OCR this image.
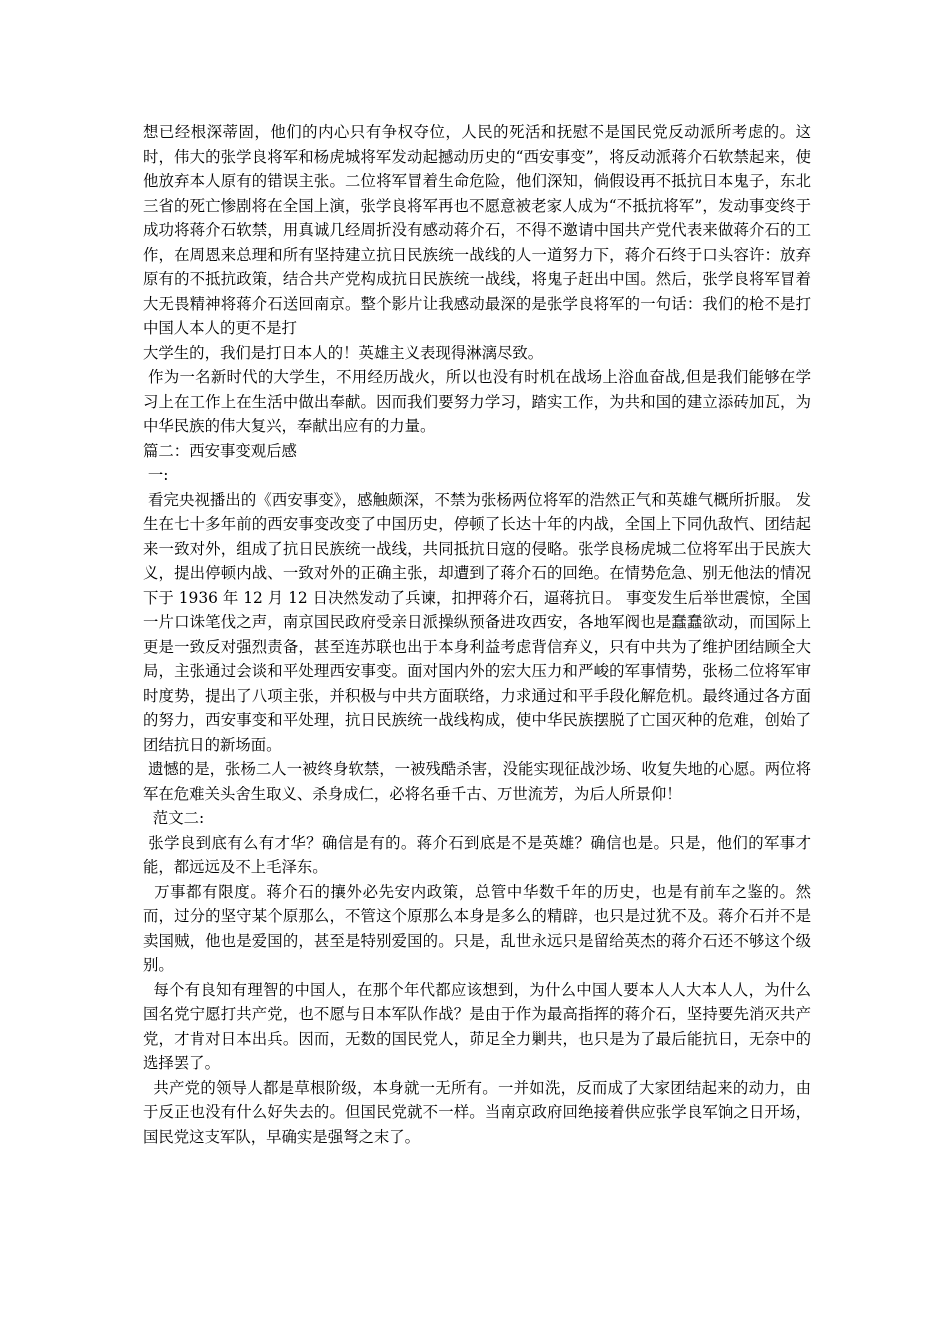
想已经根深蒂固，他们的内心只有争权夺位，人民的死活和抚慰不是国民党反动派所考虑的。这时，伟大的张学良将军和杨虎城将军发动起撼动历史的“西安事变”，将反动派蒋介石软禁起来，使他放弃本人原有的错误主张。二位将军冒着生命危险，他们深知，倘假设再不抵抗日本鬼子，东北三省的死亡惨剧将在全国上演，张学良将军再也不愿意被老家人成为“不抵抗将军”，发动事变终于成功将蒋介石软禁，用真诚几经周折没有感动蒋介石，不得不邀请中国共产党代表来做蒋介石的工作，在周恩来总理和所有坚持建立抗日民族统一战线的人一道努力下，蒋介石终于口头容许：放弃原有的不抵抗政策，结合共产党构成抗日民族统一战线，将鬼子赶出中国。然后，张学良将军冒着大无畏精神将蒋介石送回南京。整个影片让我感动最深的是张学良将军的一句话：我们的枪不是打中国人本人的更不是打

大学生的，我们是打日本人的！英雄主义表现得淋漓尽致。

作为一名新时代的大学生，不用经历战火，所以也没有时机在战场上浴血奋战,但是我们能够在学习上在工作上在生活中做出奉献。因而我们要努力学习，踏实工作，为共和国的建立添砖加瓦，为中华民族的伟大复兴，奉献出应有的力量。

篇二：西安事变观后感

一:

看完央视播出的《西安事变》，感触颇深，不禁为张杨两位将军的浩然正气和英雄气概所折服。 发生在七十多年前的西安事变改变了中国历史，停顿了长达十年的内战，全国上下同仇敌忾、团结起来一致对外，组成了抗日民族统一战线，共同抵抗日寇的侵略。张学良杨虎城二位将军出于民族大义，提出停顿内战、一致对外的正确主张，却遭到了蒋介石的回绝。在情势危急、别无他法的情况下于 1936 年 12 月 12 日决然发动了兵谏，扣押蒋介石，逼蒋抗日。 事变发生后举世震惊，全国一片口诛笔伐之声，南京国民政府受亲日派操纵预备进攻西安，各地军阀也是蠢蠢欲动，而国际上更是一致反对强烈责备，甚至连苏联也出于本身利益考虑背信弃义，只有中共为了维护团结顾全大局，主张通过会谈和平处理西安事变。面对国内外的宏大压力和严峻的军事情势，张杨二位将军审时度势，提出了八项主张，并积极与中共方面联络，力求通过和平手段化解危机。最终通过各方面的努力，西安事变和平处理，抗日民族统一战线构成，使中华民族摆脱了亡国灭种的危难，创始了团结抗日的新场面。

遗憾的是，张杨二人一被终身软禁，一被残酷杀害，没能实现征战沙场、收复失地的心愿。两位将军在危难关头舍生取义、杀身成仁，必将名垂千古、万世流芳，为后人所景仰！

范文二:

张学良到底有么有才华？确信是有的。蒋介石到底是不是英雄？确信也是。只是，他们的军事才能，都远远及不上毛泽东。

万事都有限度。蒋介石的攘外必先安内政策，总管中华数千年的历史，也是有前车之鉴的。然而，过分的坚守某个原那么，不管这个原那么本身是多么的精辟，也只是过犹不及。蒋介石并不是卖国贼，他也是爱国的，甚至是特别爱国的。只是，乱世永远只是留给英杰的蒋介石还不够这个级别。

每个有良知有理智的中国人，在那个年代都应该想到，为什么中国人要本人人大本人人，为什么国名党宁愿打共产党，也不愿与日本军队作战？是由于作为最高指挥的蒋介石，坚持要先消灭共产党，才肯对日本出兵。因而，无数的国民党人，茆足全力剿共，也只是为了最后能抗日，无奈中的选择罢了。

共产党的领导人都是草根阶级，本身就一无所有。一并如洗，反而成了大家团结起来的动力，由于反正也没有什么好失去的。但国民党就不一样。当南京政府回绝接着供应张学良军饷之日开场，国民党这支军队，早确实是强弩之末了。
